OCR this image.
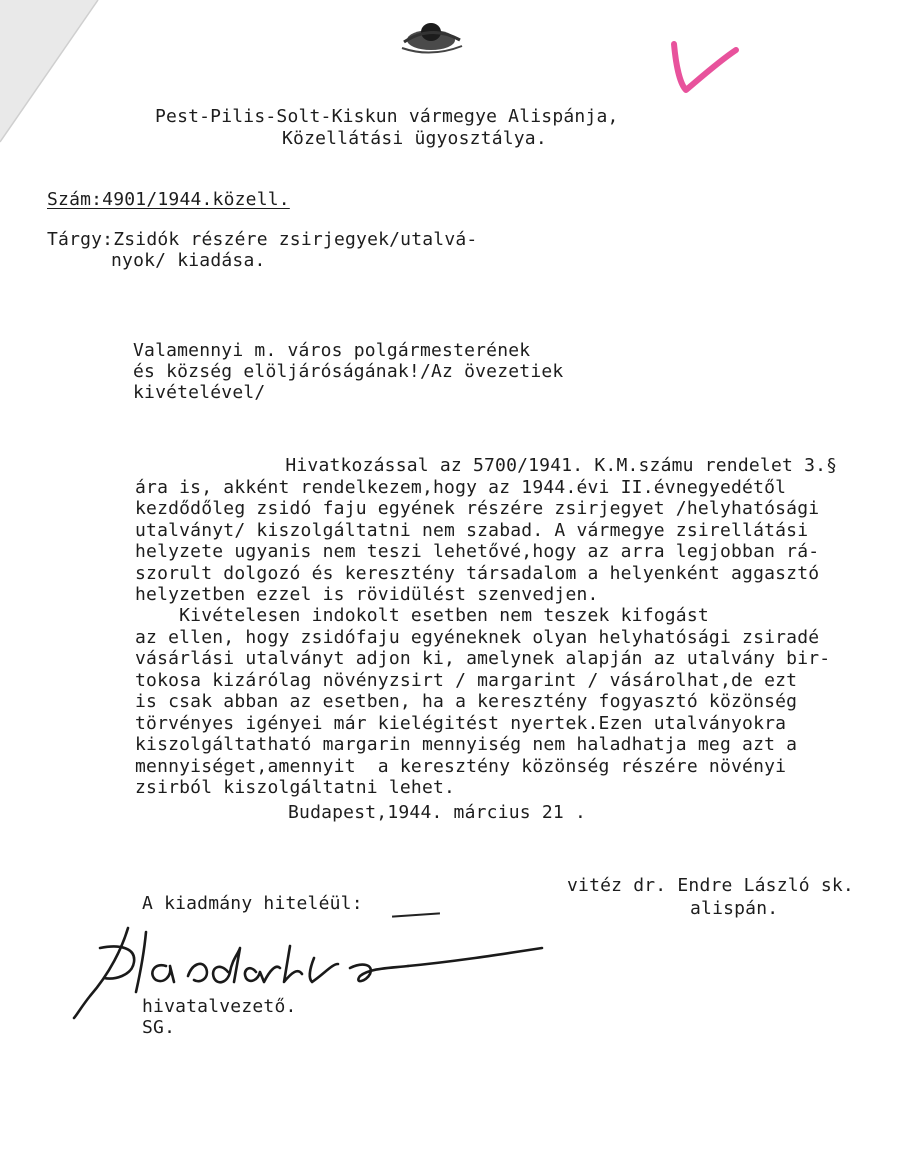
Pest-Pilis-Solt-Kiskun vármegye Alispánja,
Közellátási ügyosztálya.
Szám:4901/1944.közell.
Tárgy:Zsidók részére zsirjegyek/utalvá-
nyok/ kiadása.
Valamennyi m. város polgármesterének
és község elöljáróságának!/Az övezetiek
kivételével/
Hivatkozással az 5700/1941. K.M.számu rendelet 3.§
ára is, akként rendelkezem,hogy az 1944.évi II.évnegyedétől
kezdődőleg zsidó faju egyének részére zsirjegyet /helyhatósági
utalványt/ kiszolgáltatni nem szabad. A vármegye zsirellátási
helyzete ugyanis nem teszi lehetővé,hogy az arra legjobban rá-
szorult dolgozó és keresztény társadalom a helyenként aggasztó
helyzetben ezzel is rövidülést szenvedjen.
Kivételesen indokolt esetben nem teszek kifogást
az ellen, hogy zsidófaju egyéneknek olyan helyhatósági zsiradé
vásárlási utalványt adjon ki, amelynek alapján az utalvány bir-
tokosa kizárólag növényzsirt / margarint / vásárolhat,de ezt
is csak abban az esetben, ha a keresztény fogyasztó közönség
törvényes igényei már kielégitést nyertek.Ezen utalványokra
kiszolgáltatható margarin mennyiség nem haladhatja meg azt a
mennyiséget,amennyit  a keresztény közönség részére növényi
zsirból kiszolgáltatni lehet.
Budapest,1944. március 21 .
vitéz dr. Endre László sk.
alispán.
A kiadmány hiteléül:
hivatalvezető.
SG.
